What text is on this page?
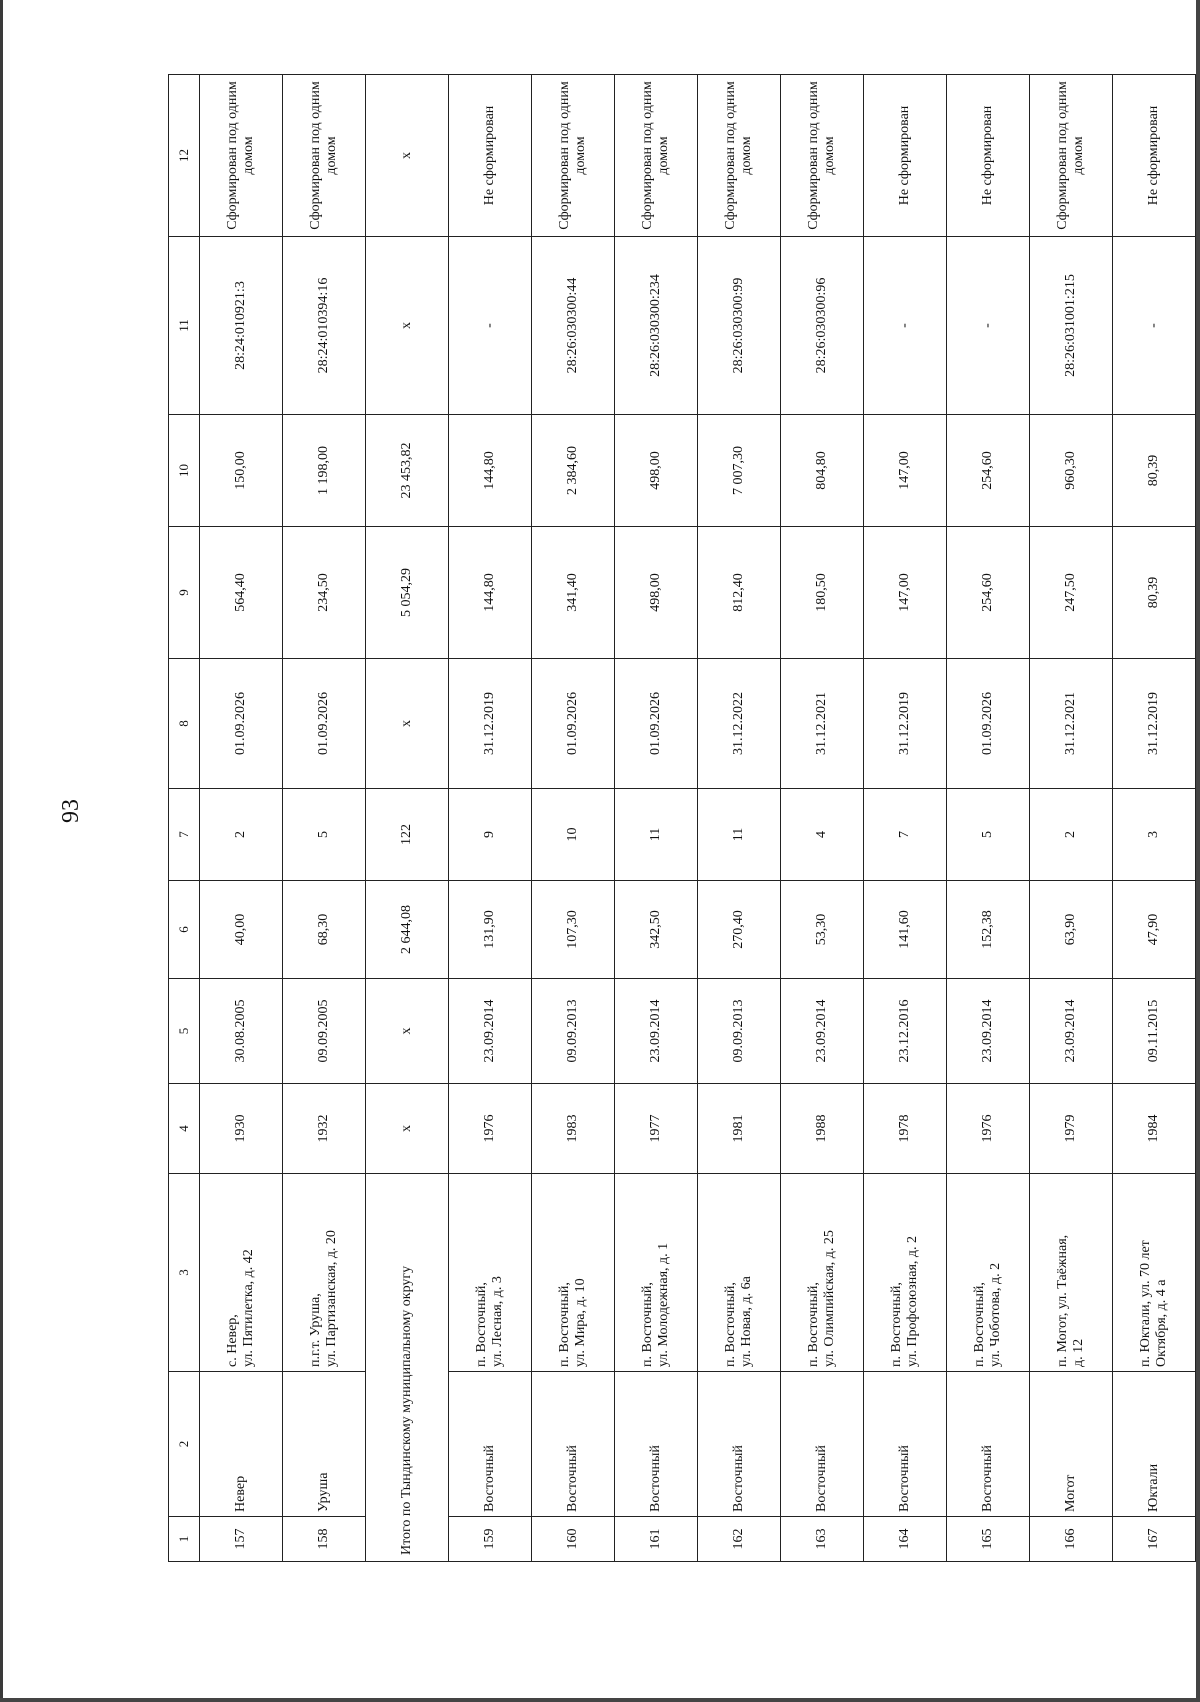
93
1	2	3	4	5	6	7	8	9	10	11	12
157	Невер	с. Невер,
ул. Пятилетка, д. 42	1930	30.08.2005	40,00	2	01.09.2026	564,40	150,00	28:24:010921:3	Сформирован под одним домом
158	Уруша	п.г.т. Уруша,
ул. Партизанская, д. 20	1932	09.09.2005	68,30	5	01.09.2026	234,50	1 198,00	28:24:010394:16	Сформирован под одним домом
Итого по Тындинскому муниципальному округу			х	х	2 644,08	122	х	5 054,29	23 453,82	х	х
159	Восточный	п. Восточный,
ул. Лесная, д. 3	1976	23.09.2014	131,90	9	31.12.2019	144,80	144,80	-	Не сформирован
160	Восточный	п. Восточный,
ул. Мира, д. 10	1983	09.09.2013	107,30	10	01.09.2026	341,40	2 384,60	28:26:030300:44	Сформирован под одним домом
161	Восточный	п. Восточный,
ул. Молодежная, д. 1	1977	23.09.2014	342,50	11	01.09.2026	498,00	498,00	28:26:030300:234	Сформирован под одним домом
162	Восточный	п. Восточный,
ул. Новая, д. 6а	1981	09.09.2013	270,40	11	31.12.2022	812,40	7 007,30	28:26:030300:99	Сформирован под одним домом
163	Восточный	п. Восточный,
ул. Олимпийская, д. 25	1988	23.09.2014	53,30	4	31.12.2021	180,50	804,80	28:26:030300:96	Сформирован под одним домом
164	Восточный	п. Восточный,
ул. Профсоюзная, д. 2	1978	23.12.2016	141,60	7	31.12.2019	147,00	147,00	-	Не сформирован
165	Восточный	п. Восточный,
ул. Чоботова, д. 2	1976	23.09.2014	152,38	5	01.09.2026	254,60	254,60	-	Не сформирован
166	Могот	п. Могот, ул. Таёжная,
д. 12	1979	23.09.2014	63,90	2	31.12.2021	247,50	960,30	28:26:031001:215	Сформирован под одним домом
167	Юктали	п. Юктали, ул. 70 лет
Октября, д. 4 а	1984	09.11.2015	47,90	3	31.12.2019	80,39	80,39	-	Не сформирован
